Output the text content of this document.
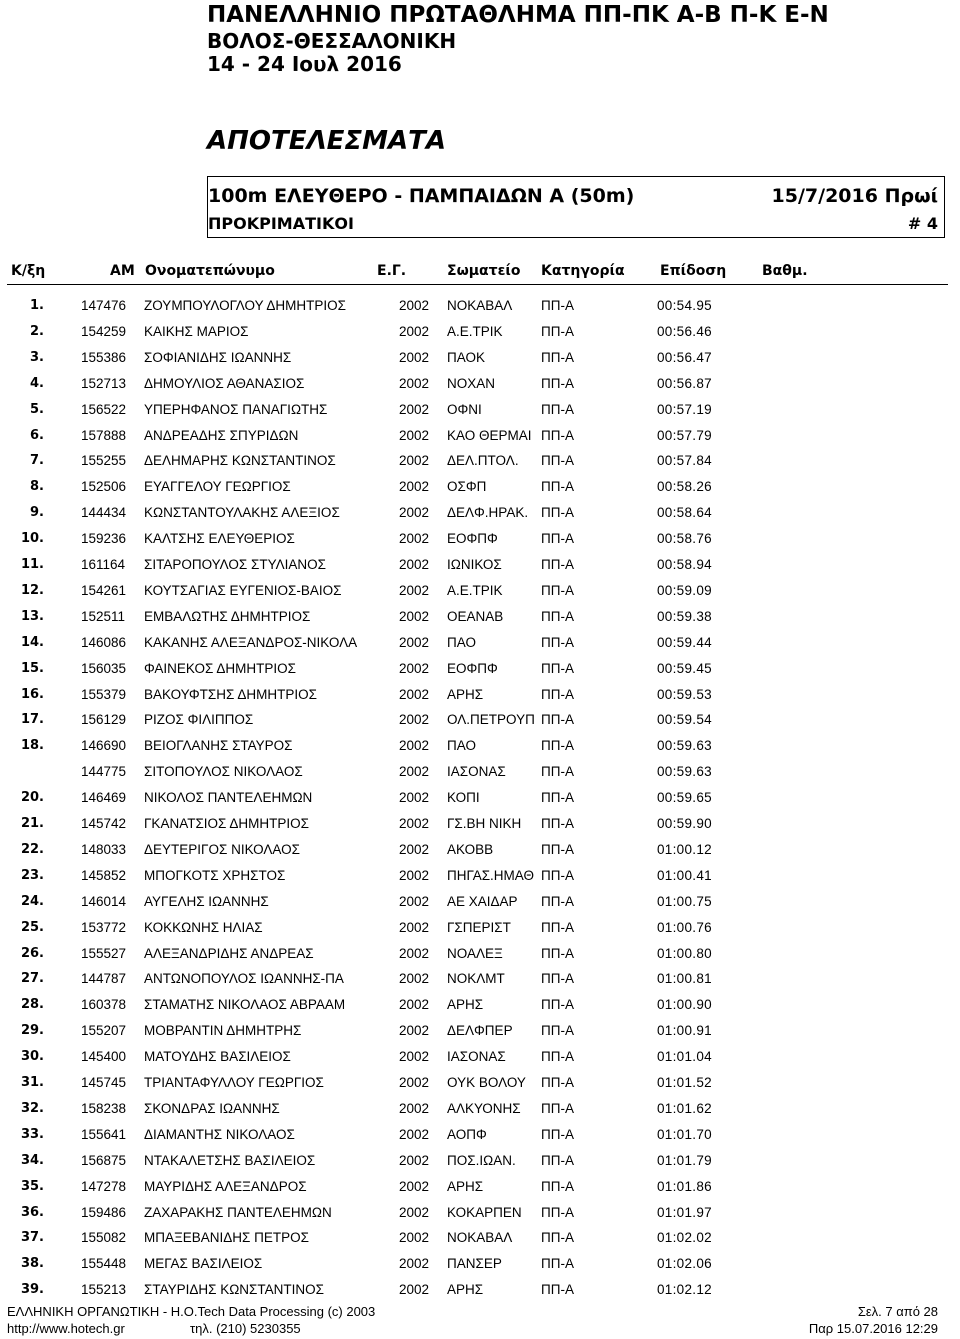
ΠΑΝΕΛΛΗΝΙΟ ΠΡΩΤΑΘΛΗΜΑ ΠΠ-ΠΚ Α-Β Π-Κ Ε-Ν
ΒΟΛΟΣ-ΘΕΣΣΑΛΟΝΙΚΗ
14 - 24 Ιουλ 2016
ΑΠΟΤΕΛΕΣΜΑΤΑ
100m ΕΛΕΥΘΕΡΟ - ΠΑΜΠΑΙΔΩΝ Α (50m)
ΠΡΟΚΡΙΜΑΤΙΚΟΙ
15/7/2016 Πρωί
# 4
Κ/ξη	ΑΜ Ονοματεπώνυμο	Ε.Γ.	Σωματείο Κατηγορία	Επίδοση	Βαθμ.
1.	147476 ΖΟΥΜΠΟΥΛΟΓΛΟΥ ΔΗΜΗΤΡΙΟΣ	2002 ΝΟΚΑΒΑΛ ΠΠ-Α	00:54.95
2.	154259 ΚΑΙΚΗΣ ΜΑΡΙΟΣ	2002 Α.Ε.ΤΡΙΚ	ΠΠ-Α	00:56.46
3.	155386 ΣΟΦΙΑΝΙΔΗΣ ΙΩΑΝΝΗΣ	2002 ΠΑΟΚ	ΠΠ-Α	00:56.47
4.	152713 ΔΗΜΟΥΛΙΟΣ ΑΘΑΝΑΣΙΟΣ	2002 ΝΟΧΑΝ	ΠΠ-Α	00:56.87
5.	156522 ΥΠΕΡΗΦΑΝΟΣ ΠΑΝΑΓΙΩΤΗΣ	2002 ΟΦΝΙ	ΠΠ-Α	00:57.19
6.	157888 ΑΝΔΡΕΑΔΗΣ ΣΠΥΡΙΔΩΝ	2002 ΚΑΟ ΘΕΡΜΑΙ ΠΠ-Α	00:57.79
7.	155255 ΔΕΛΗΜΑΡΗΣ ΚΩΝΣΤΑΝΤΙΝΟΣ	2002 ΔΕΛ.ΠΤΟΛ. ΠΠ-Α	00:57.84
8.	152506 ΕΥΑΓΓΕΛΟΥ ΓΕΩΡΓΙΟΣ	2002 ΟΣΦΠ	ΠΠ-Α	00:58.26
9.	144434 ΚΩΝΣΤΑΝΤΟΥΛΑΚΗΣ ΑΛΕΞΙΟΣ	2002 ΔΕΛΦ.ΗΡΑΚ. ΠΠ-Α	00:58.64
10.	159236 ΚΑΛΤΣΗΣ ΕΛΕΥΘΕΡΙΟΣ	2002 ΕΟΦΠΦ	ΠΠ-Α	00:58.76
11.	161164 ΣΙΤΑΡΟΠΟΥΛΟΣ ΣΤΥΛΙΑΝΟΣ	2002 ΙΩΝΙΚΟΣ	ΠΠ-Α	00:58.94
12.	154261 ΚΟΥΤΣΑΓΙΑΣ ΕΥΓΕΝΙΟΣ-ΒΑΙΟΣ	2002 Α.Ε.ΤΡΙΚ	ΠΠ-Α	00:59.09
13.	152511 ΕΜΒΑΛΩΤΗΣ ΔΗΜΗΤΡΙΟΣ	2002 ΟΕΑΝΑΒ	ΠΠ-Α	00:59.38
14.	146086 ΚΑΚΑΝΗΣ ΑΛΕΞΑΝΔΡΟΣ-ΝΙΚΟΛΑ	2002 ΠΑΟ	ΠΠ-Α	00:59.44
15.	156035 ΦΑΙΝΕΚΟΣ ΔΗΜΗΤΡΙΟΣ	2002 ΕΟΦΠΦ	ΠΠ-Α	00:59.45
16.	155379 ΒΑΚΟΥΦΤΣΗΣ ΔΗΜΗΤΡΙΟΣ	2002 ΑΡΗΣ	ΠΠ-Α	00:59.53
17.	156129 ΡΙΖΟΣ ΦΙΛΙΠΠΟΣ	2002 ΟΛ.ΠΕΤΡΟΥΠ ΠΠ-Α	00:59.54
18.	146690 ΒΕΙΟΓΛΑΝΗΣ ΣΤΑΥΡΟΣ	2002 ΠΑΟ	ΠΠ-Α	00:59.63
144775 ΣΙΤΟΠΟΥΛΟΣ ΝΙΚΟΛΑΟΣ	2002 ΙΑΣΟΝΑΣ	ΠΠ-Α	00:59.63
20.	146469 ΝΙΚΟΛΟΣ ΠΑΝΤΕΛΕΗΜΩΝ	2002 ΚΟΠΙ	ΠΠ-Α	00:59.65
21.	145742 ΓΚΑΝΑΤΣΙΟΣ ΔΗΜΗΤΡΙΟΣ	2002 ΓΣ.ΒΗ ΝΙΚΗ ΠΠ-Α	00:59.90
22.	148033 ΔΕΥΤΕΡΙΓΟΣ ΝΙΚΟΛΑΟΣ	2002 ΑΚΟΒΒ	ΠΠ-Α	01:00.12
23.	145852 ΜΠΟΓΚΟΤΣ ΧΡΗΣΤΟΣ	2002 ΠΗΓΑΣ.ΗΜΑΘ ΠΠ-Α	01:00.41
24.	146014 ΑΥΓΕΛΗΣ ΙΩΑΝΝΗΣ	2002 ΑΕ ΧΑΙΔΑΡ ΠΠ-Α	01:00.75
25.	153772 ΚΟΚΚΩΝΗΣ ΗΛΙΑΣ	2002 ΓΣΠΕΡΙΣΤ ΠΠ-Α	01:00.76
26.	155527 ΑΛΕΞΑΝΔΡΙΔΗΣ ΑΝΔΡΕΑΣ	2002 ΝΟΑΛΕΞ	ΠΠ-Α	01:00.80
27.	144787 ΑΝΤΩΝΟΠΟΥΛΟΣ ΙΩΑΝΝΗΣ-ΠΑ	2002 ΝΟΚΛΜΤ	ΠΠ-Α	01:00.81
28.	160378 ΣΤΑΜΑΤΗΣ ΝΙΚΟΛΑΟΣ ΑΒΡΑΑΜ	2002 ΑΡΗΣ	ΠΠ-Α	01:00.90
29.	155207 ΜΟΒΡΑΝΤΙΝ ΔΗΜΗΤΡΗΣ	2002 ΔΕΛΦΠΕΡ ΠΠ-Α	01:00.91
30.	145400 ΜΑΤΟΥΔΗΣ ΒΑΣΙΛΕΙΟΣ	2002 ΙΑΣΟΝΑΣ	ΠΠ-Α	01:01.04
31.	145745 ΤΡΙΑΝΤΑΦΥΛΛΟΥ ΓΕΩΡΓΙΟΣ	2002 ΟΥΚ ΒΟΛΟΥ ΠΠ-Α	01:01.52
32.	158238 ΣΚΟΝΔΡΑΣ ΙΩΑΝΝΗΣ	2002 ΑΛΚΥΟΝΗΣ ΠΠ-Α	01:01.62
33.	155641 ΔΙΑΜΑΝΤΗΣ ΝΙΚΟΛΑΟΣ	2002 ΑΟΠΦ	ΠΠ-Α	01:01.70
34.	156875 ΝΤΑΚΑΛΕΤΣΗΣ ΒΑΣΙΛΕΙΟΣ	2002 ΠΟΣ.ΙΩΑΝ. ΠΠ-Α	01:01.79
35.	147278 ΜΑΥΡΙΔΗΣ ΑΛΕΞΑΝΔΡΟΣ	2002 ΑΡΗΣ	ΠΠ-Α	01:01.86
36.	159486 ΖΑΧΑΡΑΚΗΣ ΠΑΝΤΕΛΕΗΜΩΝ	2002 ΚΟΚΑΡΠΕΝ ΠΠ-Α	01:01.97
37.	155082 ΜΠΑΞΕΒΑΝΙΔΗΣ ΠΕΤΡΟΣ	2002 ΝΟΚΑΒΑΛ ΠΠ-Α	01:02.02
38.	155448 ΜΕΓΑΣ ΒΑΣΙΛΕΙΟΣ	2002 ΠΑΝΣΕΡ	ΠΠ-Α	01:02.06
39.	155213 ΣΤΑΥΡΙΔΗΣ ΚΩΝΣΤΑΝΤΙΝΟΣ	2002 ΑΡΗΣ	ΠΠ-Α	01:02.12
ΕΛΛΗΝΙΚΗ ΟΡΓΑΝΩΤΙΚΗ - Η.Ο.Tech Data Processing (c) 2003
http://www.hotech.gr	τηλ. (210) 5230355
Σελ. 7 από 28
Παρ 15.07.2016 12:29
